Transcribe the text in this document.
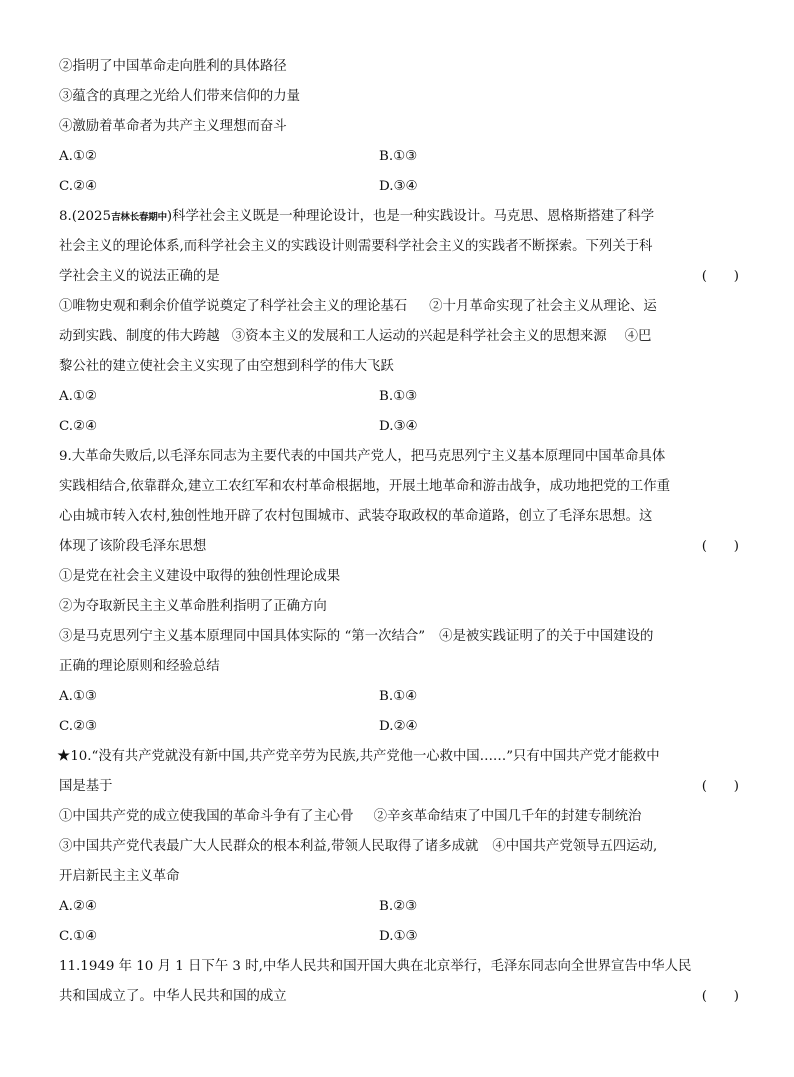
②指明了中国革命走向胜利的具体路径
③蕴含的真理之光给人们带来信仰的力量
④激励着革命者为共产主义理想而奋斗
A.①②	B.①③
C.②④	D.③④
8.(2025吉林长春期中)科学社会主义既是一种理论设计，也是一种实践设计。马克思、恩格斯搭建了科学
社会主义的理论体系,而科学社会主义的实践设计则需要科学社会主义的实践者不断探索。下列关于科
学社会主义的说法正确的是	(　　)
①唯物史观和剩余价值学说奠定了科学社会主义的理论基石 ②十月革命实现了社会主义从理论、运
动到实践、制度的伟大跨越 ③资本主义的发展和工人运动的兴起是科学社会主义的思想来源 ④巴
黎公社的建立使社会主义实现了由空想到科学的伟大飞跃
A.①②	B.①③
C.②④	D.③④
9.大革命失败后,以毛泽东同志为主要代表的中国共产党人，把马克思列宁主义基本原理同中国革命具体
实践相结合,依靠群众,建立工农红军和农村革命根据地，开展土地革命和游击战争，成功地把党的工作重
心由城市转入农村,独创性地开辟了农村包围城市、武装夺取政权的革命道路，创立了毛泽东思想。这
体现了该阶段毛泽东思想	(　　)
①是党在社会主义建设中取得的独创性理论成果
②为夺取新民主主义革命胜利指明了正确方向
③是马克思列宁主义基本原理同中国具体实际的 “第一次结合” ④是被实践证明了的关于中国建设的
正确的理论原则和经验总结
A.①③	B.①④
C.②③	D.②④
★10.“没有共产党就没有新中国,共产党辛劳为民族,共产党他一心救中国……”只有中国共产党才能救中
国是基于	(　　)
①中国共产党的成立使我国的革命斗争有了主心骨 ②辛亥革命结束了中国几千年的封建专制统治
③中国共产党代表最广大人民群众的根本利益,带领人民取得了诸多成就 ④中国共产党领导五四运动,
开启新民主主义革命
A.②④	B.②③
C.①④	D.①③
11.1949 年 10 月 1 日下午 3 时,中华人民共和国开国大典在北京举行，毛泽东同志向全世界宣告中华人民
共和国成立了。中华人民共和国的成立	(　　)
